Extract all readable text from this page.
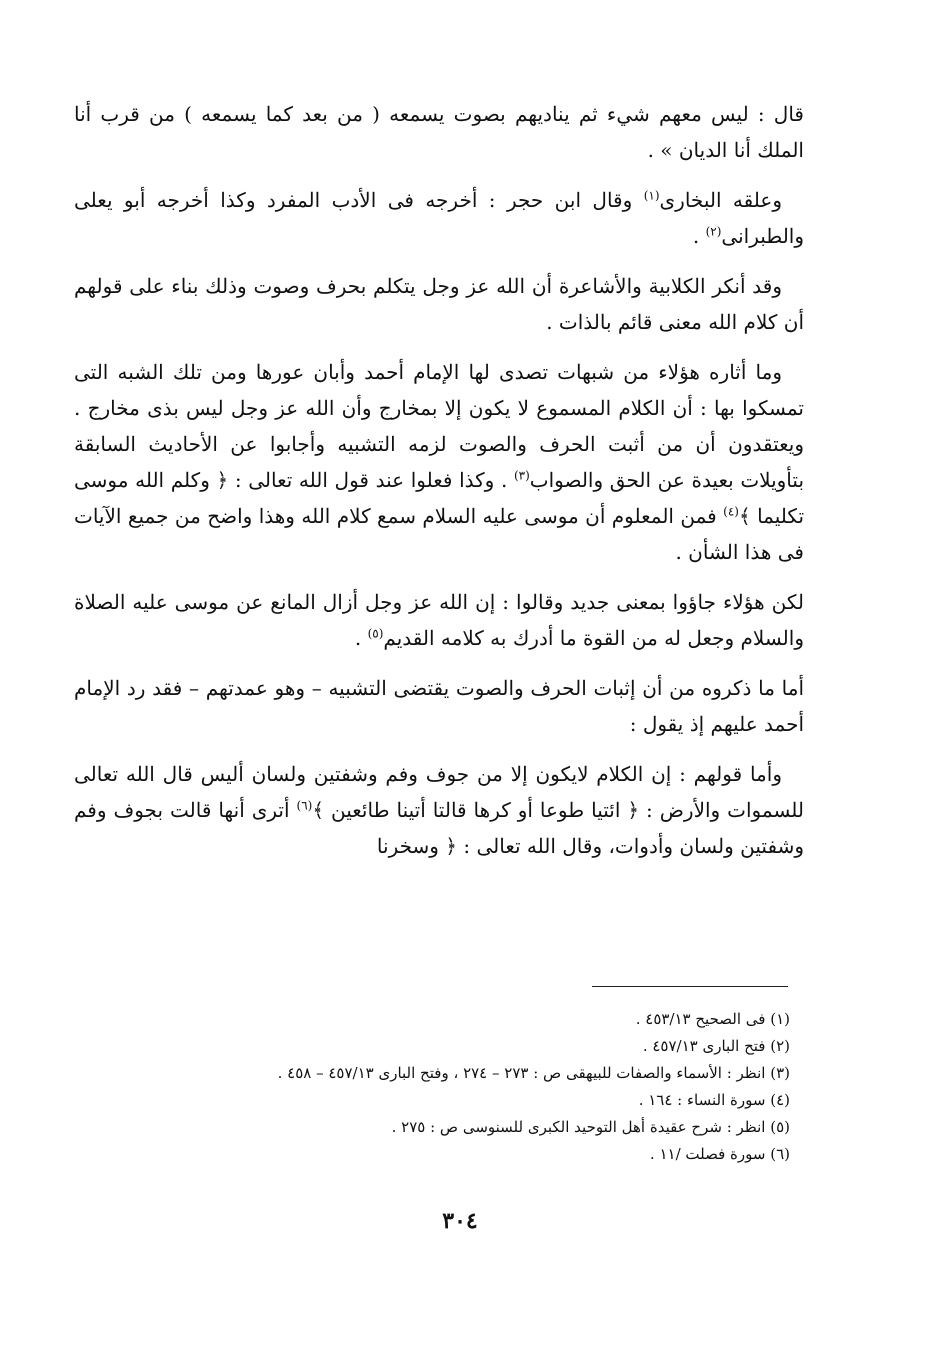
قال : ليس معهم شيء ثم يناديهم بصوت يسمعه ( من بعد كما يسمعه ) من قرب أنا الملك أنا الديان » .

وعلقه البخارى$^{(١)}$ وقال ابن حجر : أخرجه فى الأدب المفرد وكذا أخرجه أبو يعلى والطبرانى$^{(٢)}$ .

وقد أنكر الكلابية والأشاعرة أن الله عز وجل يتكلم بحرف وصوت وذلك بناء على قولهم أن كلام الله معنى قائم بالذات .

وما أثاره هؤلاء من شبهات تصدى لها الإمام أحمد وأبان عورها ومن تلك الشبه التى تمسكوا بها : أن الكلام المسموع لا يكون إلا بمخارج وأن الله عز وجل ليس بذى مخارج . ويعتقدون أن من أثبت الحرف والصوت لزمه التشبيه وأجابوا عن الأحاديث السابقة بتأويلات بعيدة عن الحق والصواب$^{(٣)}$ . وكذا فعلوا عند قول الله تعالى : ﴿ وكلم الله موسى تكليما ﴾$^{(٤)}$ فمن المعلوم أن موسى عليه السلام سمع كلام الله وهذا واضح من جميع الآيات فى هذا الشأن .

لكن هؤلاء جاؤوا بمعنى جديد وقالوا : إن الله عز وجل أزال المانع عن موسى عليه الصلاة والسلام وجعل له من القوة ما أدرك به كلامه القديم$^{(٥)}$ .

أما ما ذكروه من أن إثبات الحرف والصوت يقتضى التشبيه – وهو عمدتهم – فقد رد الإمام أحمد عليهم إذ يقول :

وأما قولهم : إن الكلام لايكون إلا من جوف وفم وشفتين ولسان أليس قال الله تعالى للسموات والأرض : ﴿ ائتيا طوعا أو كرها قالتا أتينا طائعين ﴾$^{(٦)}$ أترى أنها قالت بجوف وفم وشفتين ولسان وأدوات، وقال الله تعالى : ﴿ وسخرنا

(١) فى الصحيح ٤٥٣/١٣ .
(٢) فتح البارى ٤٥٧/١٣ .
(٣) انظر : الأسماء والصفات للبيهقى ص : ٢٧٣ – ٢٧٤ ، وفتح البارى ٤٥٧/١٣ – ٤٥٨ .
(٤) سورة النساء : ١٦٤ .
(٥) انظر : شرح عقيدة أهل التوحيد الكبرى للسنوسى ص : ٢٧٥ .
(٦) سورة فصلت /١١ .
٣٠٤
